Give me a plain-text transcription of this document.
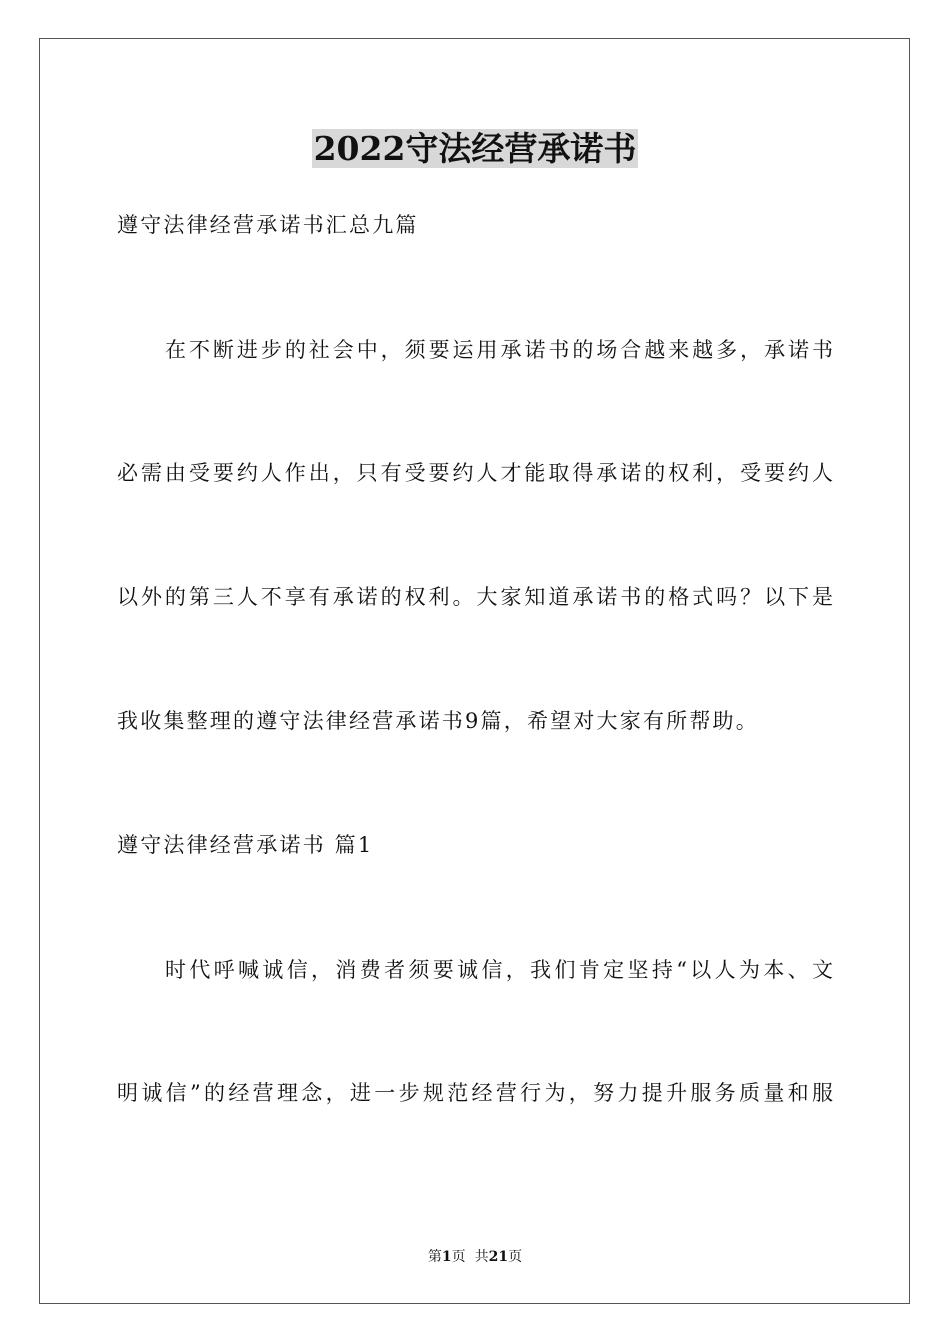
2022守法经营承诺书
遵守法律经营承诺书汇总九篇
在不断进步的社会中，须要运用承诺书的场合越来越多，承诺书
必需由受要约人作出，只有受要约人才能取得承诺的权利，受要约人
以外的第三人不享有承诺的权利。大家知道承诺书的格式吗？以下是
我收集整理的遵守法律经营承诺书9篇，希望对大家有所帮助。
遵守法律经营承诺书 篇1
时代呼喊诚信，消费者须要诚信，我们肯定坚持“以人为本、文
明诚信”的经营理念，进一步规范经营行为，努力提升服务质量和服
第1页  共21页
